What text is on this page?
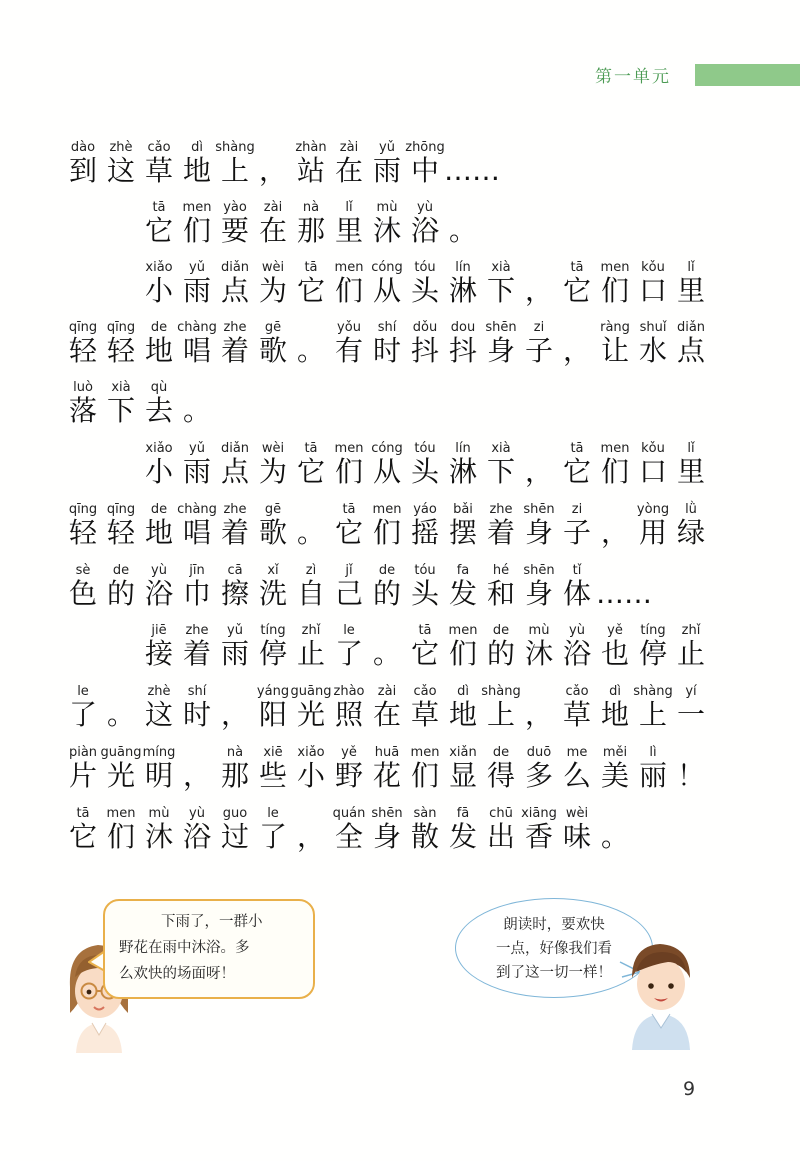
第一单元
dào
到
zhè
这
cǎo
草
dì
地
shàng
上 ，
zhàn
站
zài
在
yǔ
雨
zhōng
中 ……
tā
它
men
们
yào
要
zài
在
nà
那
lǐ
里
mù
沐
yù
浴 。
xiǎo
小
yǔ
雨
diǎn
点
wèi
为
tā
它
men
们
cóng
从
tóu
头
lín
淋
xià
下 ，
tā
它
men
们
kǒu
口
lǐ
里
qīng
轻
qīng
轻
de
地
chàng
唱
zhe
着
gē
歌 。
yǒu
有
shí
时
dǒu
抖
dou
抖
shēn
身
zi
子 ，
ràng
让
shuǐ
水
diǎn
点
luò
落
xià
下
qù
去 。
xiǎo
小
yǔ
雨
diǎn
点
wèi
为
tā
它
men
们
cóng
从
tóu
头
lín
淋
xià
下 ，
tā
它
men
们
kǒu
口
lǐ
里
qīng
轻
qīng
轻
de
地
chàng
唱
zhe
着
gē
歌 。
tā
它
men
们
yáo
摇
bǎi
摆
zhe
着
shēn
身
zi
子 ，
yòng
用
lǜ
绿
sè
色
de
的
yù
浴
jīn
巾
cā
擦
xǐ
洗
zì
自
jǐ
己
de
的
tóu
头
fa
发
hé
和
shēn
身
tǐ
体 ……
jiē
接
zhe
着
yǔ
雨
tíng
停
zhǐ
止
le
了 。
tā
它
men
们
de
的
mù
沐
yù
浴
yě
也
tíng
停
zhǐ
止
le
了 。
zhè
这
shí
时 ，
yáng
阳
guāng
光
zhào
照
zài
在
cǎo
草
dì
地
shàng
上 ，
cǎo
草
dì
地
shàng
上
yí
一
piàn
片
guāng
光
míng
明 ，
nà
那
xiē
些
xiǎo
小
yě
野
huā
花
men
们
xiǎn
显
de
得
duō
多
me
么
měi
美
lì
丽 ！
tā
它
men
们
mù
沐
yù
浴
guo
过
le
了 ，
quán
全
shēn
身
sàn
散
fā
发
chū
出
xiāng
香
wèi
味 。
下雨了，一群小
野花在雨中沐浴。多
么欢快的场面呀！
朗读时，要欢快
一点，好像我们看
到了这一切一样！
9
